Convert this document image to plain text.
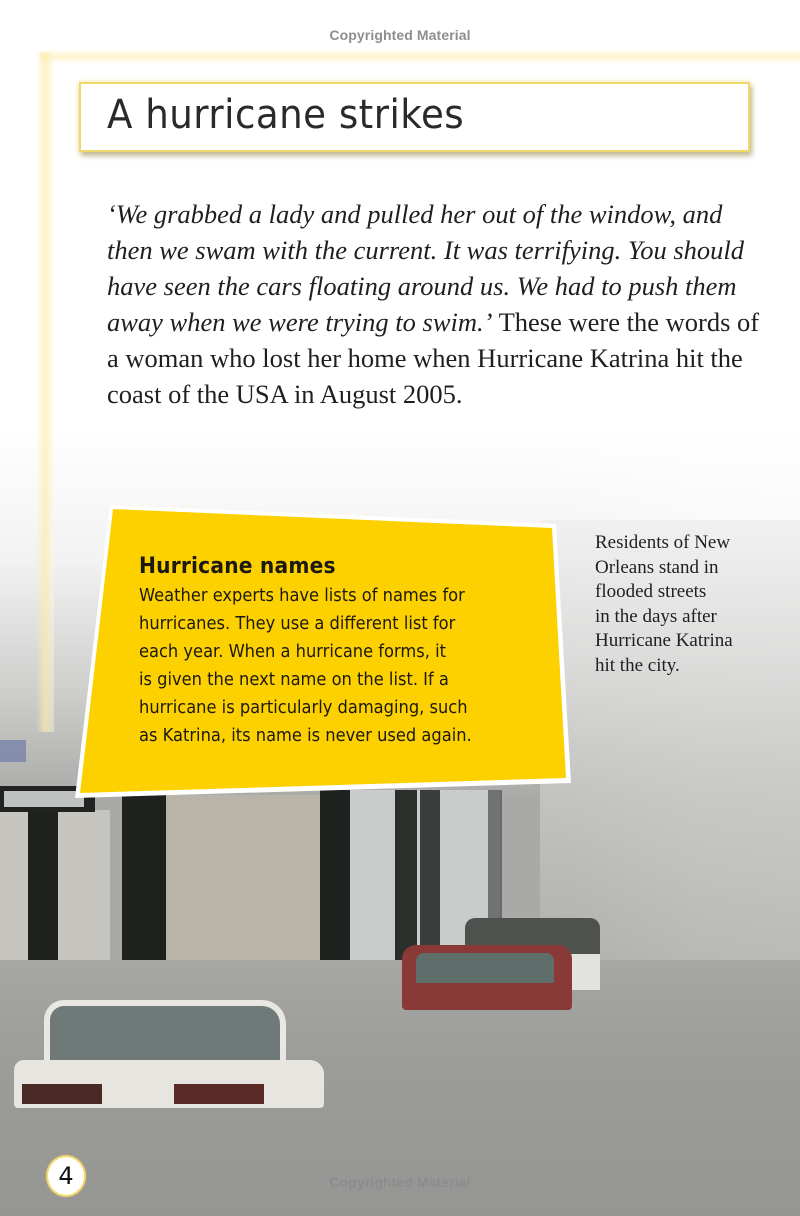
Copyrighted Material
A hurricane strikes
‘We grabbed a lady and pulled her out of the window, and then we swam with the current. It was terrifying. You should have seen the cars floating around us. We had to push them away when we were trying to swim.’ These were the words of a woman who lost her home when Hurricane Katrina hit the coast of the USA in August 2005.
Hurricane names
Weather experts have lists of names for
hurricanes. They use a different list for
each year. When a hurricane forms, it
is given the next name on the list. If a
hurricane is particularly damaging, such
as Katrina, its name is never used again.
Residents of New
Orleans stand in
flooded streets
in the days after
Hurricane Katrina
hit the city.
4	Copyrighted Material
